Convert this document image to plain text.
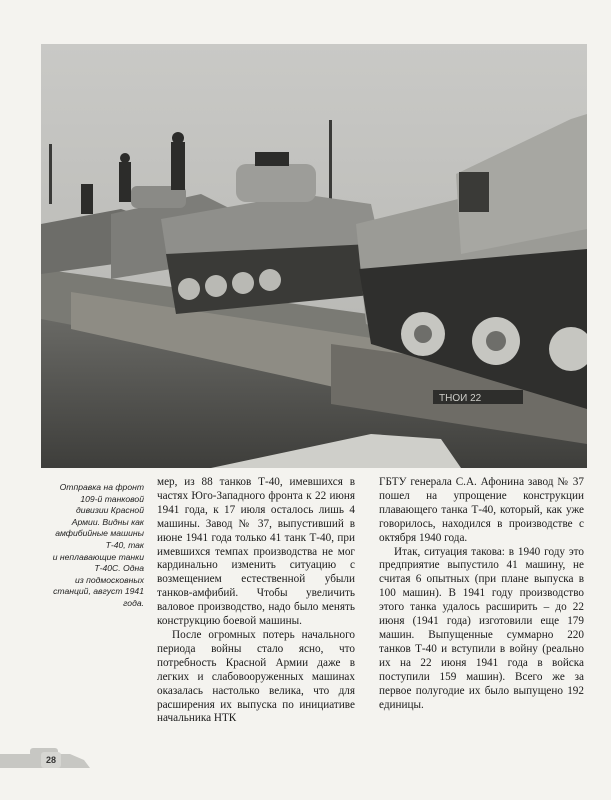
ТНОИ 22
Отправка на фронт
109-й танковой
дивизии Красной
Армии. Видны как
амфибийные машины
Т-40, так
и неплавающие танки
Т-40С. Одна
из подмосковных
станций, август 1941
года.

мер, из 88 танков Т-40, имевшихся в частях Юго-Западного фронта к 22 июня 1941 года, к 17 июля осталось лишь 4 машины. Завод № 37, выпустивший в июне 1941 года только 41 танк Т-40, при имевшихся темпах производства не мог кардинально изменить ситуацию с возмещением естественной убыли танков-амфибий. Чтобы увеличить валовое производство, надо было менять конструкцию боевой машины.

После огромных потерь начального периода войны стало ясно, что потребность Красной Армии даже в легких и слабовооруженных машинах оказалась настолько велика, что для расширения их выпуска по инициативе начальника НТК

ГБТУ генерала С.А. Афонина завод № 37 пошел на упрощение конструкции плавающего танка Т-40, который, как уже говорилось, находился в производстве с октября 1940 года.

Итак, ситуация такова: в 1940 году это предприятие выпустило 41 машину, не считая 6 опытных (при плане выпуска в 100 машин). В 1941 году производство этого танка удалось расширить – до 22 июня (1941 года) изготовили еще 179 машин. Выпущенные суммарно 220 танков Т-40 и вступили в войну (реально их на 22 июня 1941 года в войска поступили 159 машин). Всего же за первое полугодие их было выпущено 192 единицы.

28
